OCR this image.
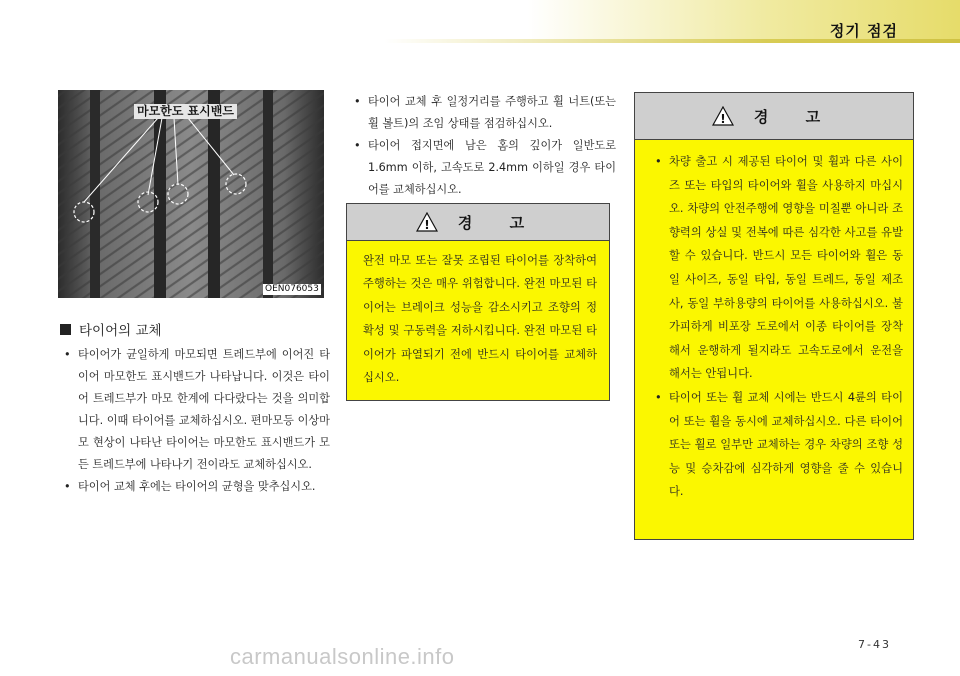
정기 점검
마모한도 표시밴드
OEN076053
타이어의 교체
• 타이어가 균일하게 마모되면 트레드부에 이어진 타이어 마모한도 표시밴드가 나타납니다. 이것은 타이어 트레드부가 마모 한계에 다다랐다는 것을 의미합니다. 이때 타이어를 교체하십시오. 편마모등 이상마모 현상이 나타난 타이어는 마모한도 표시밴드가 모든 트레드부에 나타나기 전이라도 교체하십시오.
• 타이어 교체 후에는 타이어의 균형을 맞추십시오.
• 타이어 교체 후 일정거리를 주행하고 휠 너트(또는 휠 볼트)의 조임 상태를 점검하십시오.
• 타이어 접지면에 남은 홈의 깊이가 일반도로 1.6mm 이하, 고속도로 2.4mm 이하일 경우 타이어를 교체하십시오.
! 경 고
완전 마모 또는 잘못 조립된 타이어를 장착하여 주행하는 것은 매우 위험합니다. 완전 마모된 타이어는 브레이크 성능을 감소시키고 조향의 정확성 및 구동력을 저하시킵니다. 완전 마모된 타이어가 파열되기 전에 반드시 타이어를 교체하십시오.
! 경 고
• 차량 출고 시 제공된 타이어 및 휠과 다른 사이즈 또는 타입의 타이어와 휠을 사용하지 마십시오. 차량의 안전주행에 영향을 미칠뿐 아니라 조향력의 상실 및 전복에 따른 심각한 사고를 유발할 수 있습니다. 반드시 모든 타이어와 휠은 동일 사이즈, 동일 타입, 동일 트레드, 동일 제조사, 동일 부하용량의 타이어를 사용하십시오. 불가피하게 비포장 도로에서 이종 타이어를 장착해서 운행하게 될지라도 고속도로에서 운전을 해서는 안됩니다.
• 타이어 또는 휠 교체 시에는 반드시 4륜의 타이어 또는 휠을 동시에 교체하십시오. 다른 타이어 또는 휠로 일부만 교체하는 경우 차량의 조향 성능 및 승차감에 심각하게 영향을 줄 수 있습니다.
7-43
carmanualsonline.info
